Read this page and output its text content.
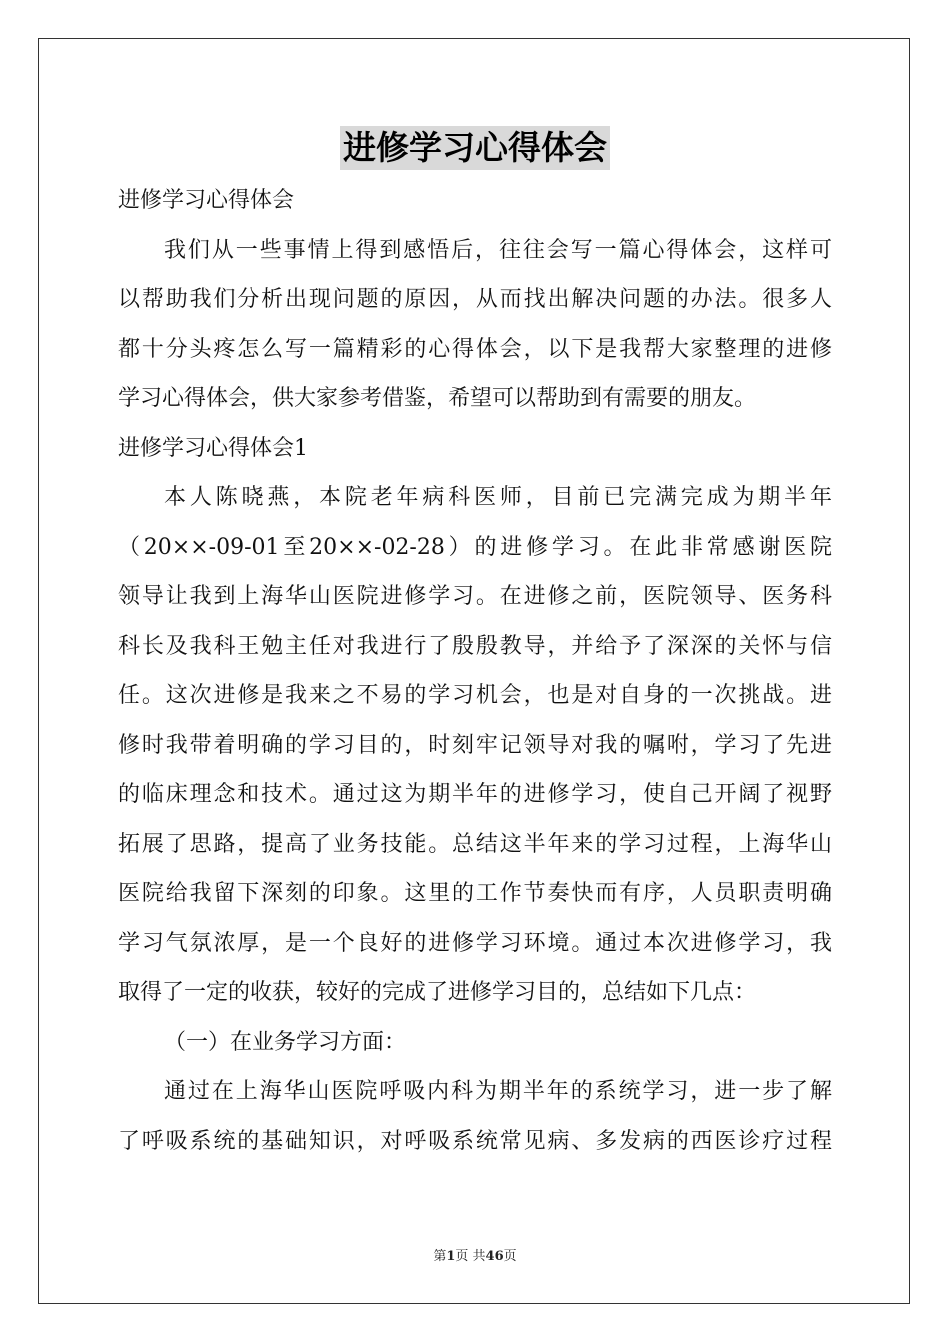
进修学习心得体会
进修学习心得体会
我们从一些事情上得到感悟后，往往会写一篇心得体会，这样可
以帮助我们分析出现问题的原因，从而找出解决问题的办法。很多人
都十分头疼怎么写一篇精彩的心得体会，以下是我帮大家整理的进修
学习心得体会，供大家参考借鉴，希望可以帮助到有需要的朋友。
进修学习心得体会1
本人陈晓燕，本院老年病科医师，目前已完满完成为期半年
（20××-09-01至20××-02-28）的进修学习。在此非常感谢医院
领导让我到上海华山医院进修学习。在进修之前，医院领导、医务科
科长及我科王勉主任对我进行了殷殷教导，并给予了深深的关怀与信
任。这次进修是我来之不易的学习机会，也是对自身的一次挑战。进
修时我带着明确的学习目的，时刻牢记领导对我的嘱咐，学习了先进
的临床理念和技术。通过这为期半年的进修学习，使自己开阔了视野
拓展了思路，提高了业务技能。总结这半年来的学习过程，上海华山
医院给我留下深刻的印象。这里的工作节奏快而有序，人员职责明确
学习气氛浓厚，是一个良好的进修学习环境。通过本次进修学习，我
取得了一定的收获，较好的完成了进修学习目的，总结如下几点：
（一）在业务学习方面：
通过在上海华山医院呼吸内科为期半年的系统学习，进一步了解
了呼吸系统的基础知识，对呼吸系统常见病、多发病的西医诊疗过程
第1页 共46页
